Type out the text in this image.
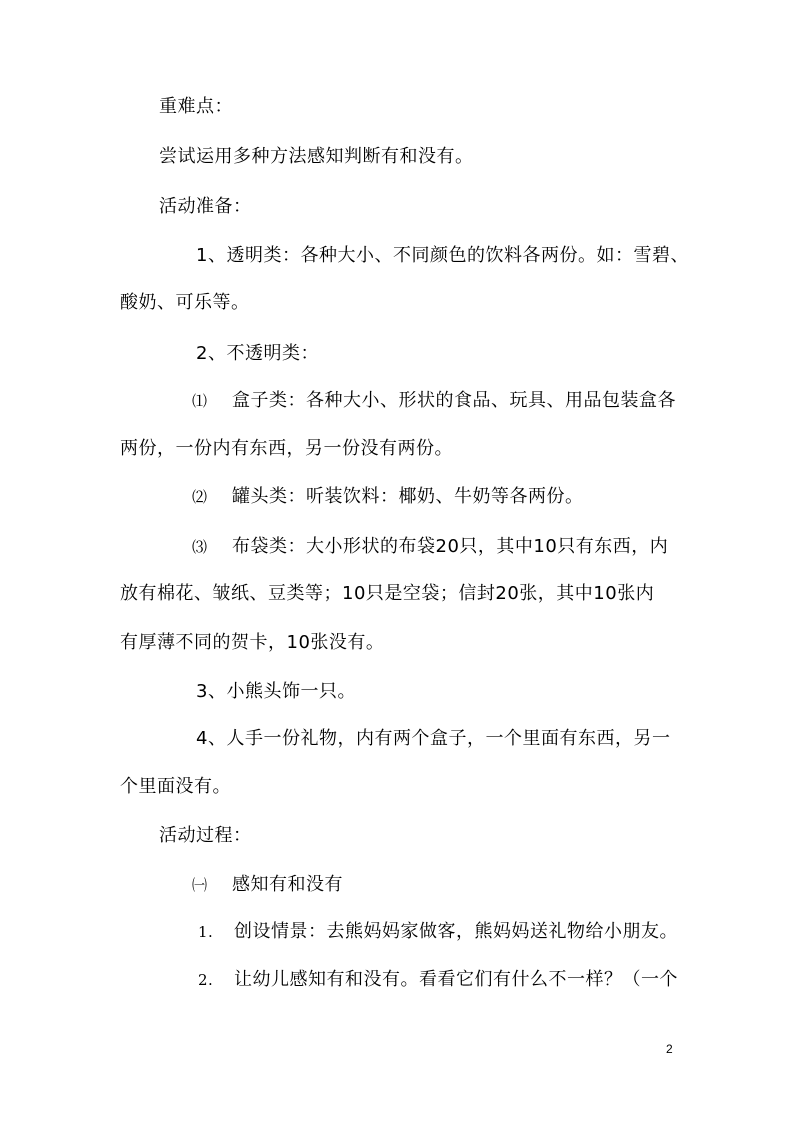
重难点：
尝试运用多种方法感知判断有和没有。
活动准备：
1、透明类：各种大小、不同颜色的饮料各两份。如：雪碧、
酸奶、可乐等。
2、不透明类：
⑴ 盒子类：各种大小、形状的食品、玩具、用品包装盒各
两份，一份内有东西，另一份没有两份。
⑵ 罐头类：听装饮料：椰奶、牛奶等各两份。
⑶ 布袋类：大小形状的布袋20只，其中10只有东西，内
放有棉花、皱纸、豆类等；10只是空袋；信封20张，其中10张内
有厚薄不同的贺卡，10张没有。
3、小熊头饰一只。
4、人手一份礼物，内有两个盒子，一个里面有东西，另一
个里面没有。
活动过程：
㈠ 感知有和没有
1. 创设情景：去熊妈妈家做客，熊妈妈送礼物给小朋友。
2. 让幼儿感知有和没有。看看它们有什么不一样？（一个
2
